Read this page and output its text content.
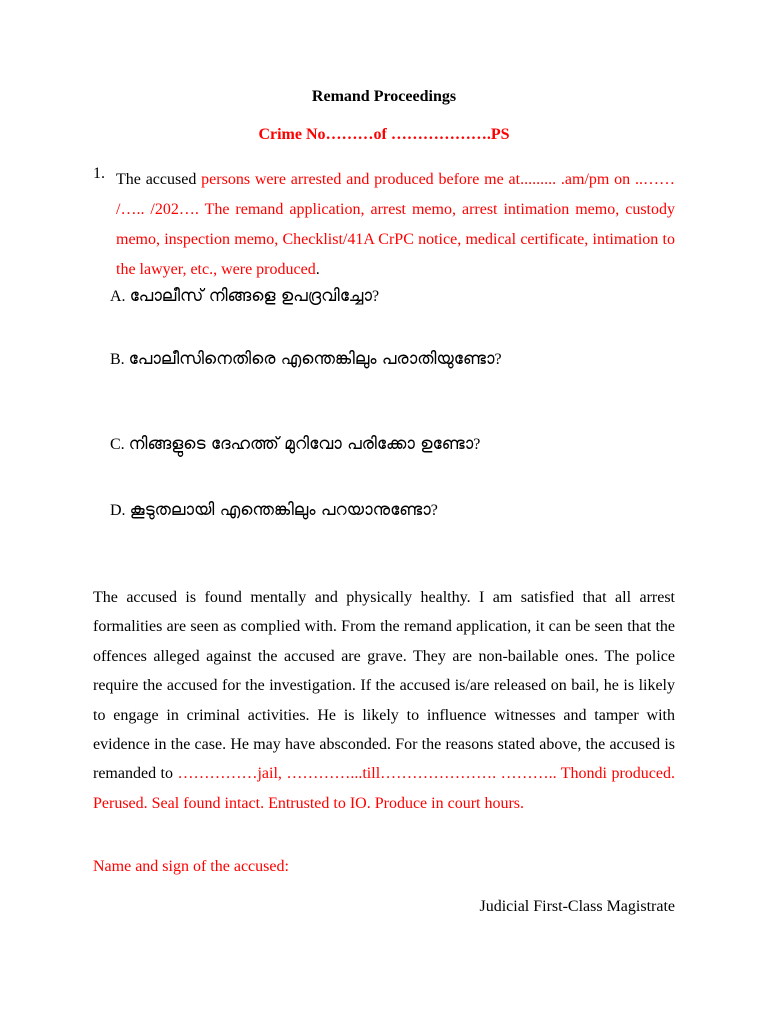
Remand Proceedings
Crime No………of ……………….PS
1. The accused persons were arrested and produced before me at......... .am/pm on ..…… /….. /202…. The remand application, arrest memo, arrest intimation memo, custody memo, inspection memo, Checklist/41A CrPC notice, medical certificate, intimation to the lawyer, etc., were produced.
A. പോലീസ് നിങ്ങളെ ഉപദ്രവിച്ചോ?
B. പോലീസിനെതിരെ എന്തെങ്കിലും പരാതിയുണ്ടോ?
C. നിങ്ങളുടെ ദേഹത്ത് മുറിവോ പരിക്കോ ഉണ്ടോ?
D. കൂടുതലായി എന്തെങ്കിലും പറയാനുണ്ടോ?
The accused is found mentally and physically healthy. I am satisfied that all arrest formalities are seen as complied with. From the remand application, it can be seen that the offences alleged against the accused are grave. They are non-bailable ones. The police require the accused for the investigation. If the accused is/are released on bail, he is likely to engage in criminal activities. He is likely to influence witnesses and tamper with evidence in the case. He may have absconded. For the reasons stated above, the accused is remanded to ……………jail, …………...till…………………. ……….. Thondi produced. Perused. Seal found intact. Entrusted to IO. Produce in court hours.
Name and sign of the accused:
Judicial First-Class Magistrate
